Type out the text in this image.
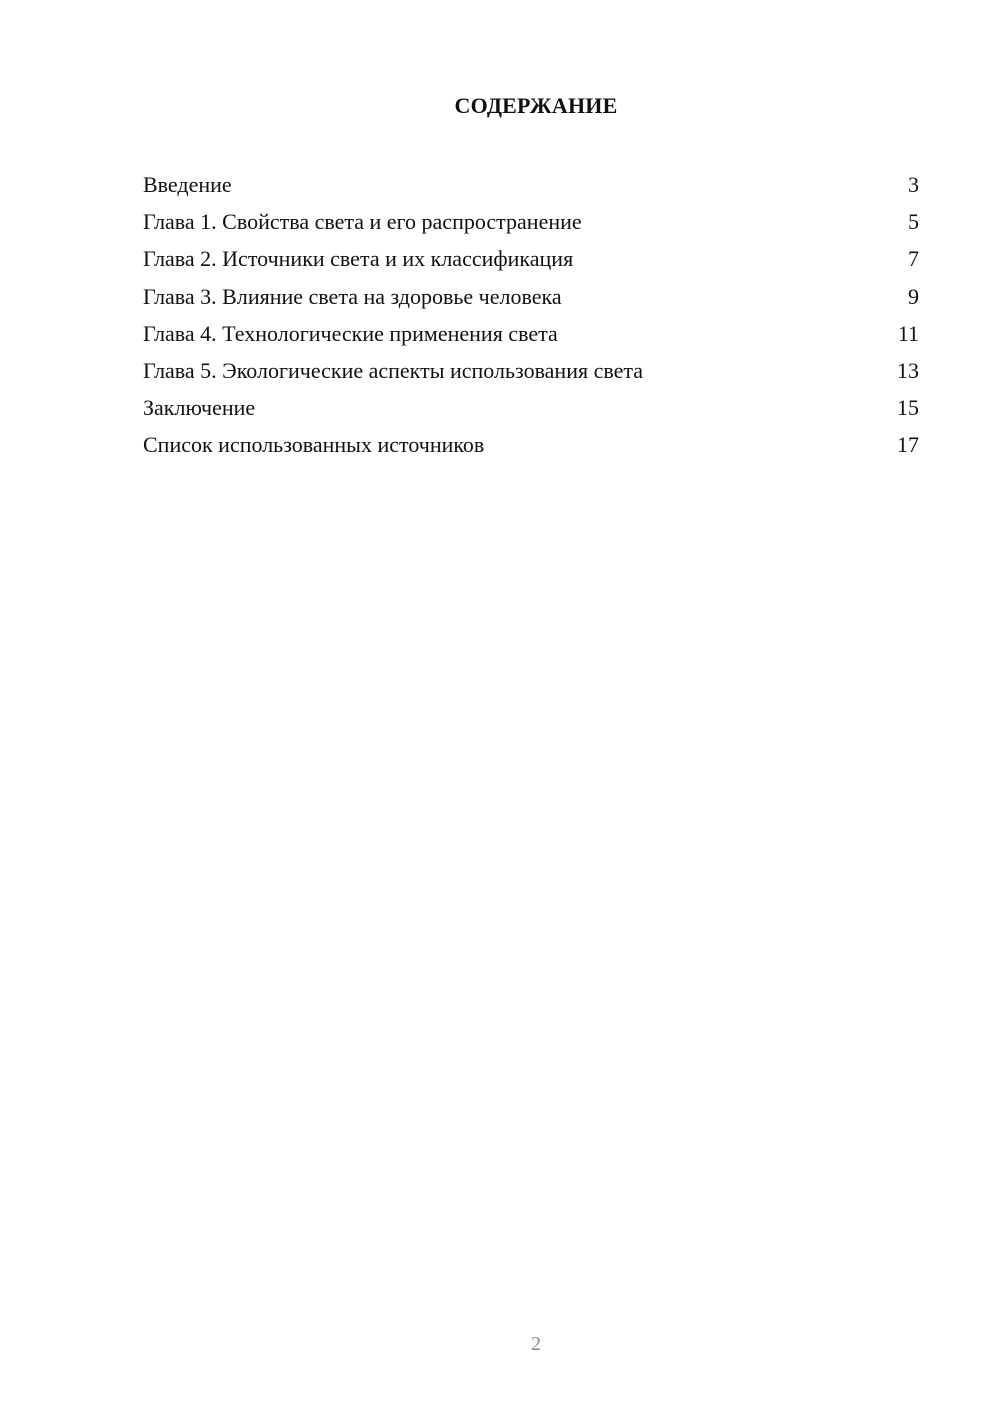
СОДЕРЖАНИЕ
Введение	3
Глава 1. Свойства света и его распространение	5
Глава 2. Источники света и их классификация	7
Глава 3. Влияние света на здоровье человека	9
Глава 4. Технологические применения света	11
Глава 5. Экологические аспекты использования света	13
Заключение	15
Список использованных источников	17
2
